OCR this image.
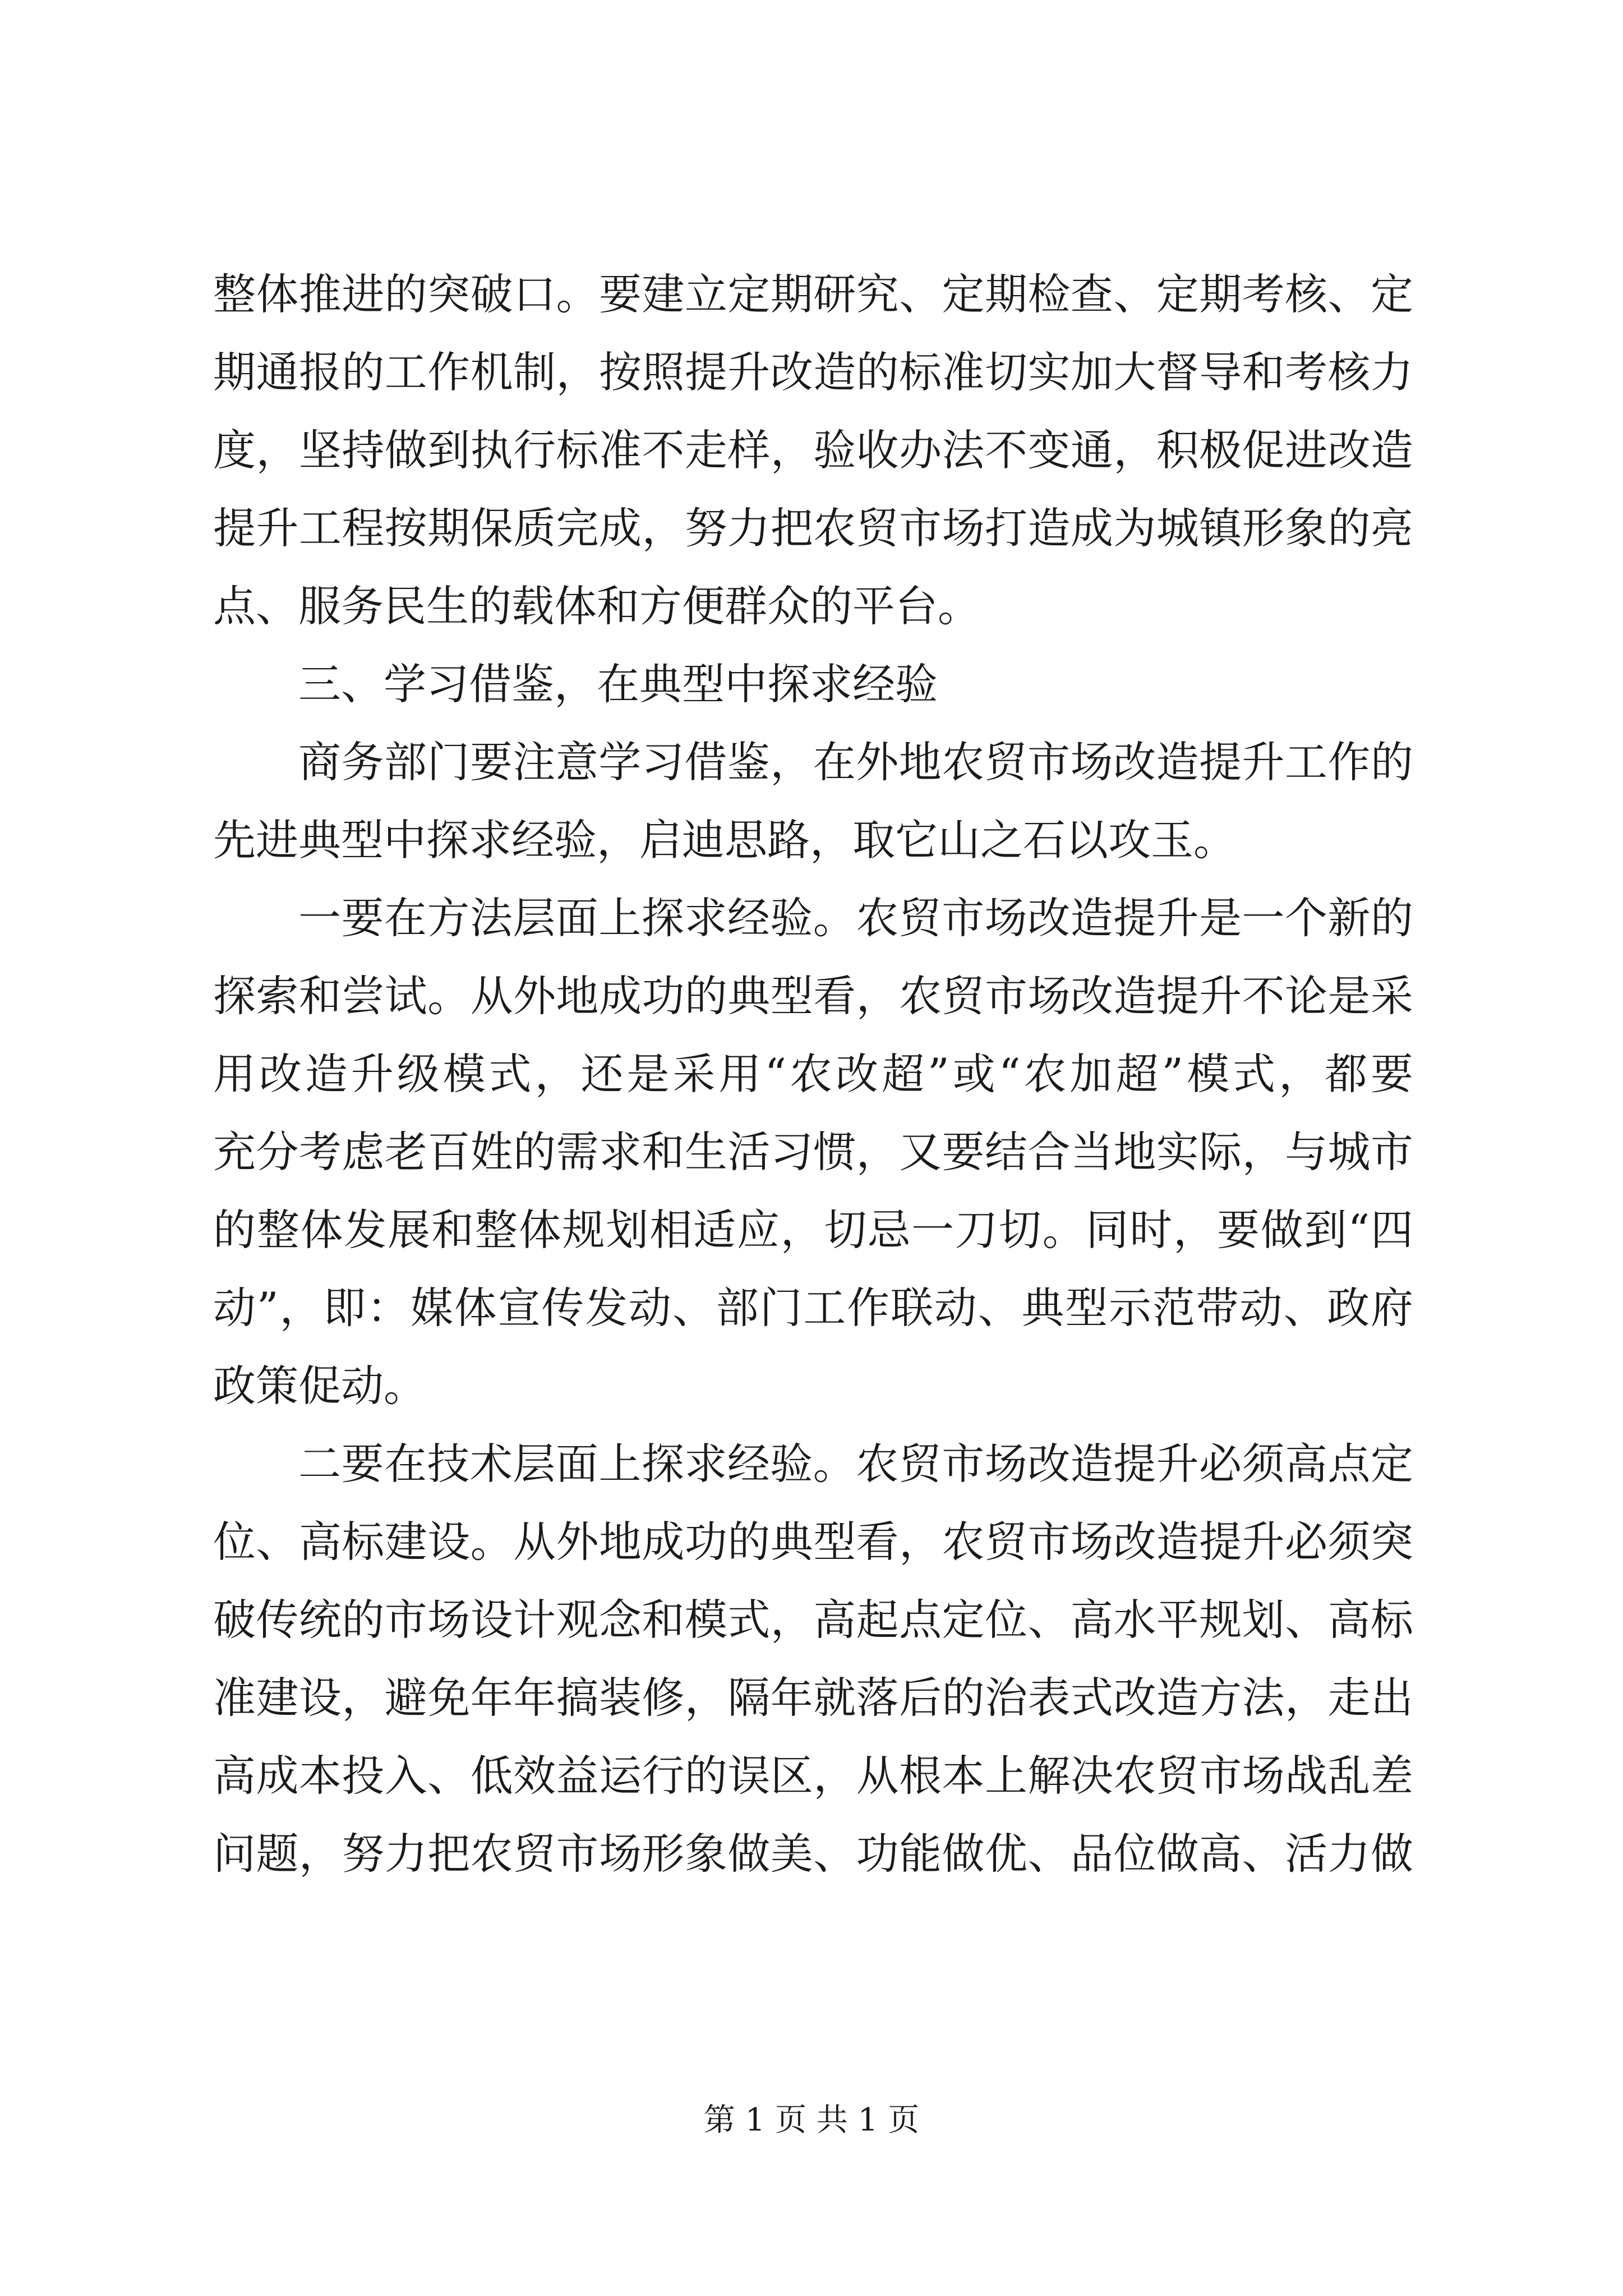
整体推进的突破口。要建立定期研究、定期检查、定期考核、定
期通报的工作机制，按照提升改造的标准切实加大督导和考核力
度，坚持做到执行标准不走样，验收办法不变通，积极促进改造
提升工程按期保质完成，努力把农贸市场打造成为城镇形象的亮
点、服务民生的载体和方便群众的平台。
三、学习借鉴，在典型中探求经验
商务部门要注意学习借鉴，在外地农贸市场改造提升工作的
先进典型中探求经验，启迪思路，取它山之石以攻玉。
一要在方法层面上探求经验。农贸市场改造提升是一个新的
探索和尝试。从外地成功的典型看，农贸市场改造提升不论是采
用改造升级模式，还是采用“农改超”或“农加超”模式，都要
充分考虑老百姓的需求和生活习惯，又要结合当地实际，与城市
的整体发展和整体规划相适应，切忌一刀切。同时，要做到“四
动”，即：媒体宣传发动、部门工作联动、典型示范带动、政府
政策促动。
二要在技术层面上探求经验。农贸市场改造提升必须高点定
位、高标建设。从外地成功的典型看，农贸市场改造提升必须突
破传统的市场设计观念和模式，高起点定位、高水平规划、高标
准建设，避免年年搞装修，隔年就落后的治表式改造方法，走出
高成本投入、低效益运行的误区，从根本上解决农贸市场战乱差
问题，努力把农贸市场形象做美、功能做优、品位做高、活力做
第 1 页 共 1 页
